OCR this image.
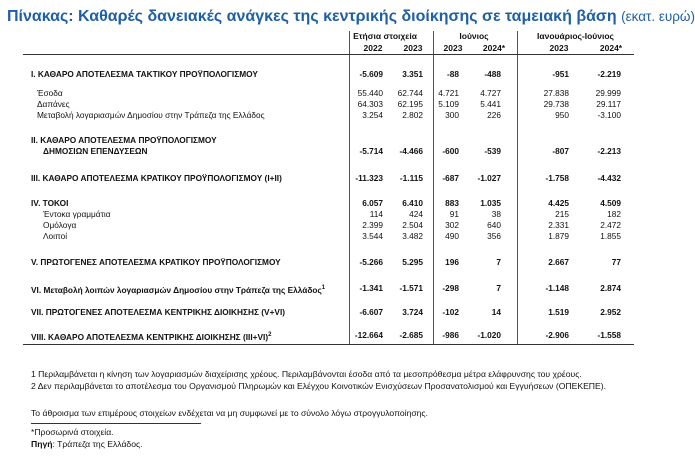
Πίνακας: Καθαρές δανειακές ανάγκες της κεντρικής διοίκησης σε ταμειακή βάση (εκατ. ευρώ)
Ετήσια στοιχεία	Ιούνιος	Ιανουάριος-Ιούνιος
2022	2023	2023	2024*	2023	2024*
I. ΚΑΘΑΡΟ ΑΠΟΤΕΛΕΣΜΑ ΤΑΚΤΙΚΟΥ ΠΡΟΫΠΟΛΟΓΙΣΜΟΥ	-5.609	3.351	-88	-488	-951	-2.219
Έσοδα	55.440	62.744	4.721	4.727	27.838	29.999
Δαπάνες	64.303	62.195	5.109	5.441	29.738	29.117
Μεταβολή λογαριασμών Δημοσίου στην Τράπεζα της Ελλάδος	3.254	2.802	300	226	950	-3.100
II. ΚΑΘΑΡΟ ΑΠΟΤΕΛΕΣΜΑ ΠΡΟΫΠΟΛΟΓΙΣΜΟΥ
ΔΗΜΟΣΙΩΝ ΕΠΕΝΔΥΣΕΩΝ	-5.714	-4.466	-600	-539	-807	-2.213
III. ΚΑΘΑΡΟ ΑΠΟΤΕΛΕΣΜΑ ΚΡΑΤΙΚΟΥ ΠΡΟΫΠΟΛΟΓΙΣΜΟΥ (I+II)	-11.323	-1.115	-687	-1.027	-1.758	-4.432
IV. ΤΟΚΟΙ	6.057	6.410	883	1.035	4.425	4.509
Έντοκα γραμμάτια	114	424	91	38	215	182
Ομόλογα	2.399	2.504	302	640	2.331	2.472
Λοιποί	3.544	3.482	490	356	1.879	1.855
V. ΠΡΩΤΟΓΕΝΕΣ ΑΠΟΤΕΛΕΣΜΑ ΚΡΑΤΙΚΟΥ ΠΡΟΫΠΟΛΟΓΙΣΜΟΥ	-5.266	5.295	196	7	2.667	77
VI. Μεταβολή λοιπών λογαριασμών Δημοσίου στην Τράπεζα της Ελλάδος$^1$	-1.341	-1.571	-298	7	-1.148	2.874
VII. ΠΡΩΤΟΓΕΝΕΣ ΑΠΟΤΕΛΕΣΜΑ ΚΕΝΤΡΙΚΗΣ ΔΙΟΙΚΗΣΗΣ (V+VI)	-6.607	3.724	-102	14	1.519	2.952
VIII. ΚΑΘΑΡΟ ΑΠΟΤΕΛΕΣΜΑ ΚΕΝΤΡΙΚΗΣ ΔΙΟΙΚΗΣΗΣ $(III+VI)^2$	-12.664	-2.685	-986	-1.020	-2.906	-1.558
1 Περιλαμβάνεται η κίνηση των λογαριασμών διαχείρισης χρέους. Περιλαμβάνονται έσοδα από τα μεσοπρόθεσμα μέτρα ελάφρυνσης του χρέους.
2 Δεν περιλαμβάνεται το αποτέλεσμα του Οργανισμού Πληρωμών και Ελέγχου Κοινοτικών Ενισχύσεων Προσανατολισμού και Εγγυήσεων (ΟΠΕΚΕΠΕ).
Το άθροισμα των επιμέρους στοιχείων ενδέχεται να μη συμφωνεί με το σύνολο λόγω στρογγυλοποίησης.
*Προσωρινά στοιχεία.
Πηγή: Τράπεζα της Ελλάδος.
